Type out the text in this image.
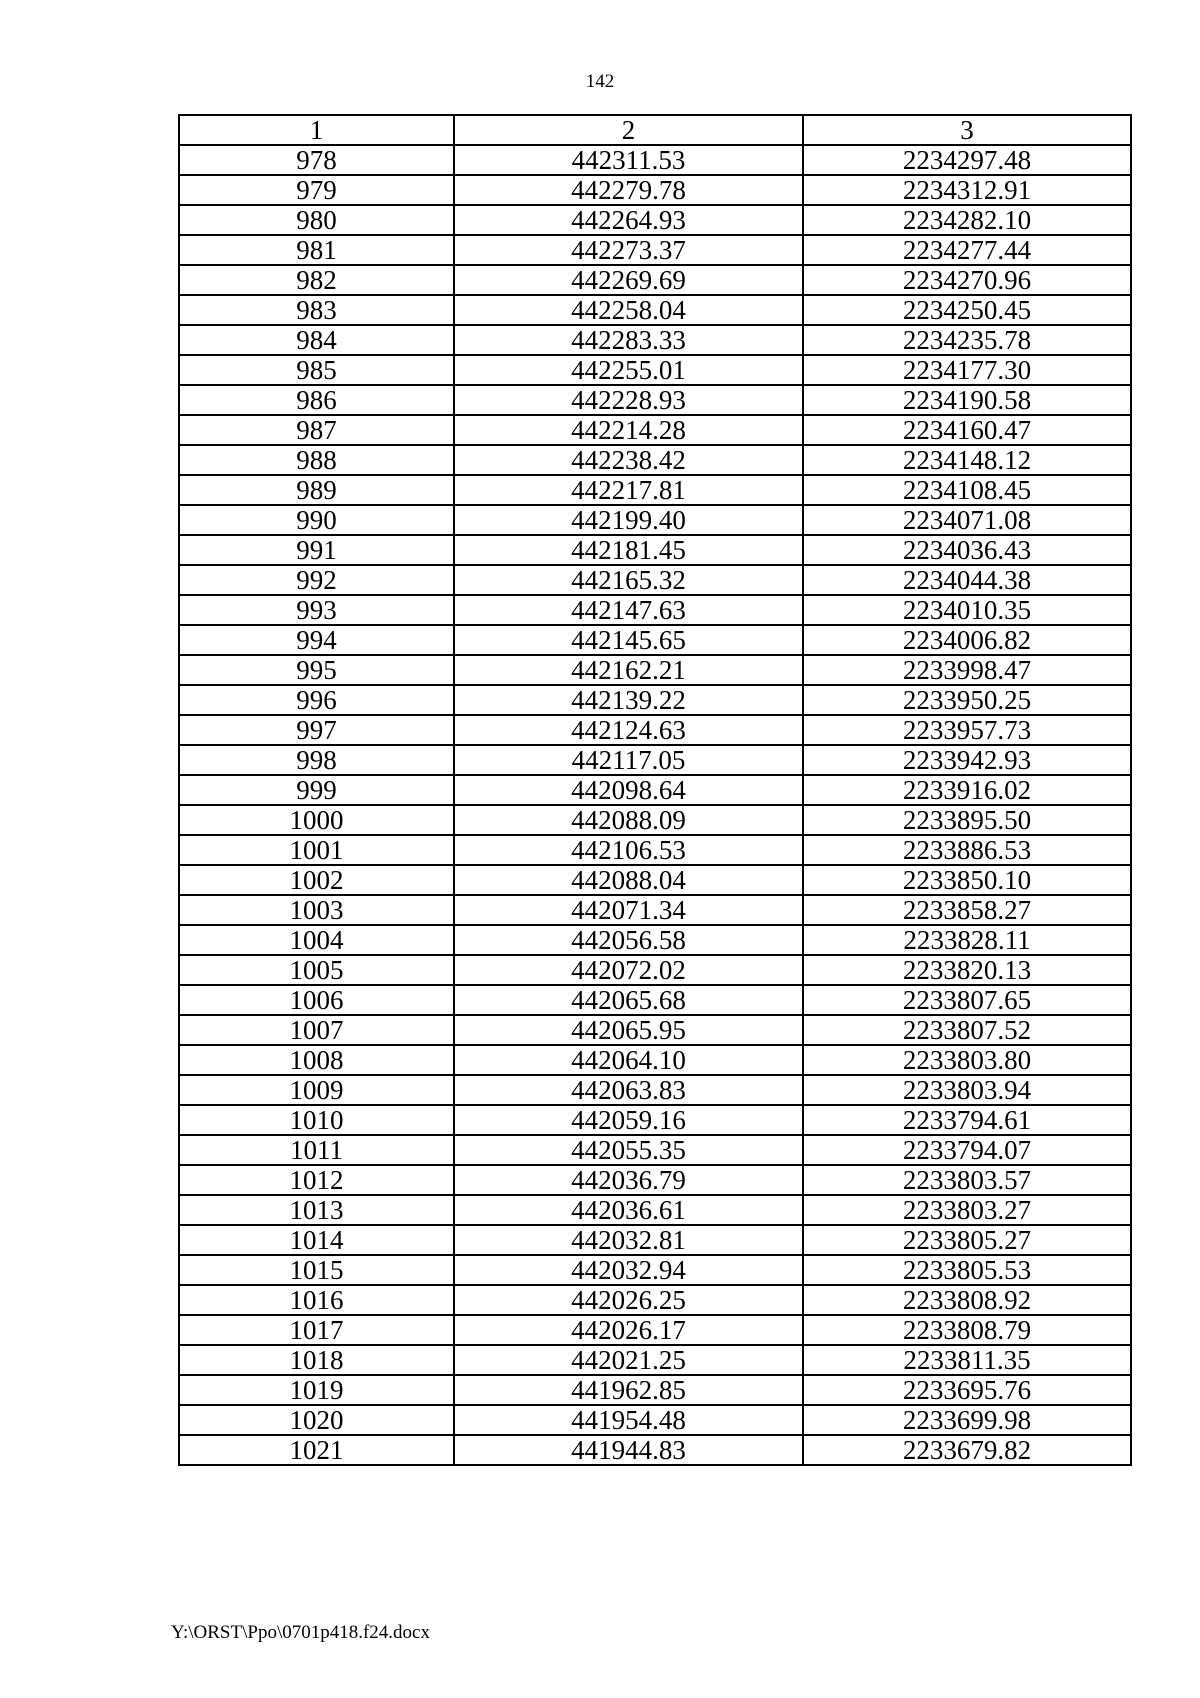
142
1	2	3
978	442311.53	2234297.48
979	442279.78	2234312.91
980	442264.93	2234282.10
981	442273.37	2234277.44
982	442269.69	2234270.96
983	442258.04	2234250.45
984	442283.33	2234235.78
985	442255.01	2234177.30
986	442228.93	2234190.58
987	442214.28	2234160.47
988	442238.42	2234148.12
989	442217.81	2234108.45
990	442199.40	2234071.08
991	442181.45	2234036.43
992	442165.32	2234044.38
993	442147.63	2234010.35
994	442145.65	2234006.82
995	442162.21	2233998.47
996	442139.22	2233950.25
997	442124.63	2233957.73
998	442117.05	2233942.93
999	442098.64	2233916.02
1000	442088.09	2233895.50
1001	442106.53	2233886.53
1002	442088.04	2233850.10
1003	442071.34	2233858.27
1004	442056.58	2233828.11
1005	442072.02	2233820.13
1006	442065.68	2233807.65
1007	442065.95	2233807.52
1008	442064.10	2233803.80
1009	442063.83	2233803.94
1010	442059.16	2233794.61
1011	442055.35	2233794.07
1012	442036.79	2233803.57
1013	442036.61	2233803.27
1014	442032.81	2233805.27
1015	442032.94	2233805.53
1016	442026.25	2233808.92
1017	442026.17	2233808.79
1018	442021.25	2233811.35
1019	441962.85	2233695.76
1020	441954.48	2233699.98
1021	441944.83	2233679.82
Y:\ORST\Ppo\0701p418.f24.docx
